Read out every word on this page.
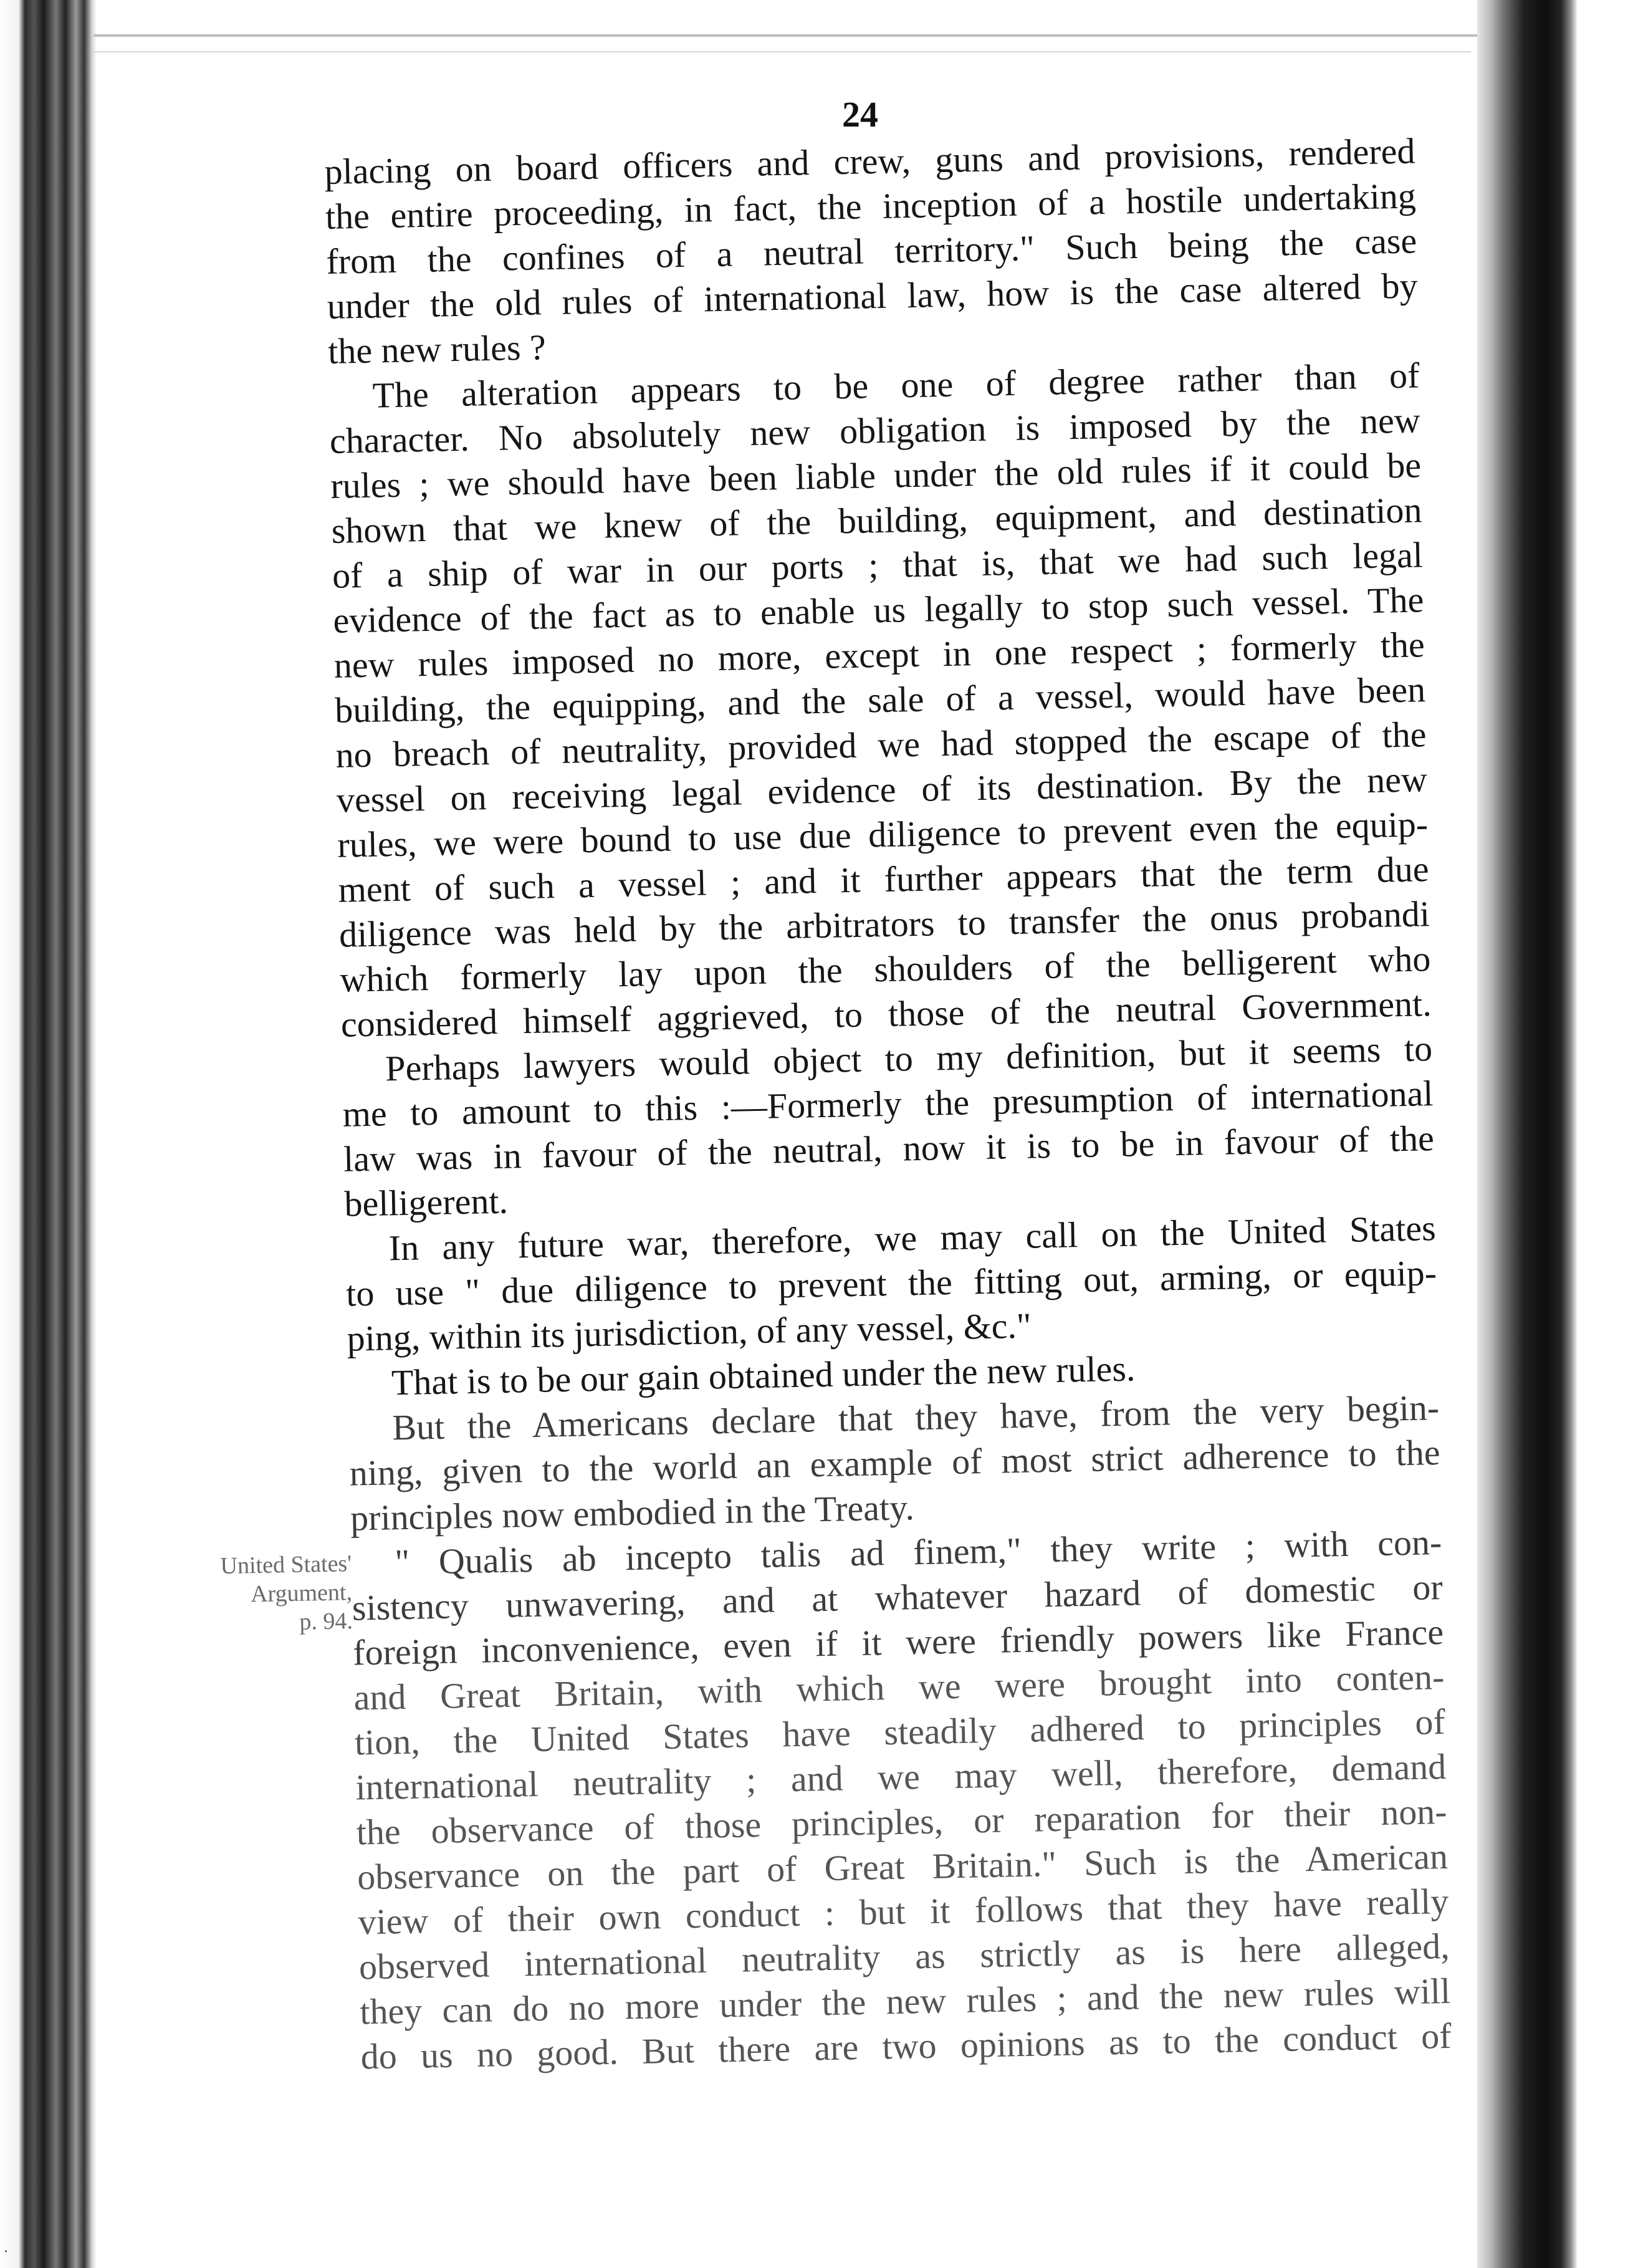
24
placing on board officers and crew, guns and provisions, rendered
the entire proceeding, in fact, the inception of a hostile undertaking
from the confines of a neutral territory." Such being the case
under the old rules of international law, how is the case altered by
the new rules ?
The alteration appears to be one of degree rather than of
character. No absolutely new obligation is imposed by the new
rules ; we should have been liable under the old rules if it could be
shown that we knew of the building, equipment, and destination
of a ship of war in our ports ; that is, that we had such legal
evidence of the fact as to enable us legally to stop such vessel. The
new rules imposed no more, except in one respect ; formerly the
building, the equipping, and the sale of a vessel, would have been
no breach of neutrality, provided we had stopped the escape of the
vessel on receiving legal evidence of its destination. By the new
rules, we were bound to use due diligence to prevent even the equip-
ment of such a vessel ; and it further appears that the term due
diligence was held by the arbitrators to transfer the onus probandi
which formerly lay upon the shoulders of the belligerent who
considered himself aggrieved, to those of the neutral Government.
Perhaps lawyers would object to my definition, but it seems to
me to amount to this :—Formerly the presumption of international
law was in favour of the neutral, now it is to be in favour of the
belligerent.
In any future war, therefore, we may call on the United States
to use " due diligence to prevent the fitting out, arming, or equip-
ping, within its jurisdiction, of any vessel, &c."
That is to be our gain obtained under the new rules.
But the Americans declare that they have, from the very begin-
ning, given to the world an example of most strict adherence to the
principles now embodied in the Treaty.
" Qualis ab incepto talis ad finem," they write ; with con-
sistency unwavering, and at whatever hazard of domestic or
foreign inconvenience, even if it were friendly powers like France
and Great Britain, with which we were brought into conten-
tion, the United States have steadily adhered to principles of
international neutrality ; and we may well, therefore, demand
the observance of those principles, or reparation for their non-
observance on the part of Great Britain." Such is the American
view of their own conduct : but it follows that they have really
observed international neutrality as strictly as is here alleged,
they can do no more under the new rules ; and the new rules will
do us no good. But there are two opinions as to the conduct of
United States'
Argument,
p. 94.
·
